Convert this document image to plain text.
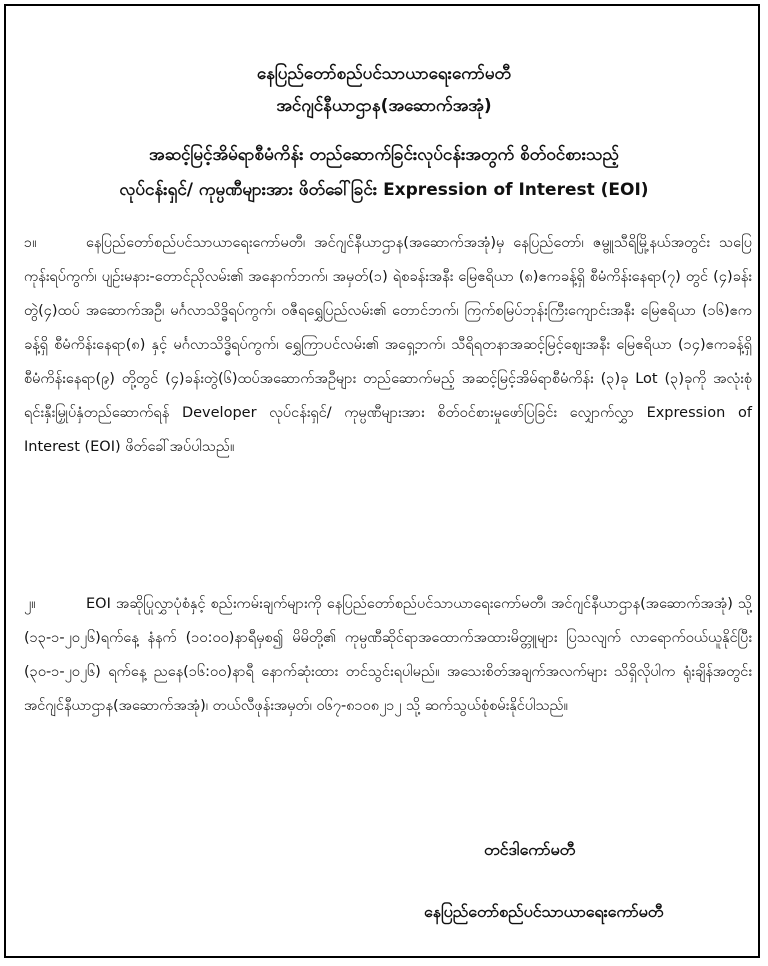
နေပြည်တော်စည်ပင်သာယာရေးကော်မတီ
အင်ဂျင်နီယာဌာန(အဆောက်အအုံ)
အဆင့်မြင့်အိမ်ရာစီမံကိန်း တည်ဆောက်ခြင်းလုပ်ငန်းအတွက် စိတ်ဝင်စားသည့်
လုပ်ငန်းရှင်/ ကုမ္ပဏီများအား ဖိတ်ခေါ်ခြင်း Expression of Interest (EOI)
၁။	နေပြည်တော်စည်ပင်သာယာရေးကော်မတီ၊ အင်ဂျင်နီယာဌာန(အဆောက်အအုံ)မှ နေပြည်တော်၊ ဇမ္ဗူသီရိမြို့နယ်အတွင်း သပြေကုန်းရပ်ကွက်၊ ပျဉ်းမနား-တောင်ညိုလမ်း၏ အနောက်ဘက်၊ အမှတ်(၁) ရဲစခန်းအနီး မြေဧရိယာ (၈)ဧကခန့်ရှိ စီမံကိန်းနေရာ(၇) တွင် (၄)ခန်းတွဲ(၄)ထပ် အဆောက်အဦ၊ မင်္ဂလာသိဒ္ဓိရပ်ကွက်၊ ဝဇီရရွှေပြည်လမ်း၏ တောင်ဘက်၊ ကြက်စမြပ်ဘုန်းကြီးကျောင်းအနီး မြေဧရိယာ (၁၆)ဧကခန့်ရှိ စီမံကိန်းနေရာ(၈) နှင့် မင်္ဂလာသိဒ္ဓိရပ်ကွက်၊ ရွှေကြာပင်လမ်း၏ အရှေ့ဘက်၊ သီရိရတနာအဆင့်မြင့်ဈေးအနီး မြေဧရိယာ (၁၄)ဧကခန့်ရှိ စီမံကိန်းနေရာ(၉) တို့တွင် (၄)ခန်းတွဲ(၆)ထပ်အဆောက်အဦများ တည်ဆောက်မည့် အဆင့်မြင့်အိမ်ရာစီမံကိန်း (၃)ခု Lot (၃)ခုကို အလုံးစုံရင်းနှီးမြှုပ်နှံတည်ဆောက်ရန် Developer လုပ်ငန်းရှင်/ ကုမ္ပဏီများအား စိတ်ဝင်စားမှုဖော်ပြခြင်း လျှောက်လွှာ Expression of Interest (EOI) ဖိတ်ခေါ်အပ်ပါသည်။
၂။	EOI အဆိုပြုလွှာပုံစံနှင့် စည်းကမ်းချက်များကို နေပြည်တော်စည်ပင်သာယာရေးကော်မတီ၊ အင်ဂျင်နီယာဌာန(အဆောက်အအုံ) သို့ (၁၃-၁-၂၀၂၆)ရက်နေ့ နံနက် (၁၀:၀၀)နာရီမှစ၍ မိမိတို့၏ ကုမ္ပဏီဆိုင်ရာအထောက်အထားမိတ္တူများ ပြသလျက် လာရောက်ဝယ်ယူနိုင်ပြီး (၃၀-၁-၂၀၂၆) ရက်နေ့ ညနေ(၁၆:၀၀)နာရီ နောက်ဆုံးထား တင်သွင်းရပါမည်။ အသေးစိတ်အချက်အလက်များ သိရှိလိုပါက ရုံးချိန်အတွင်း အင်ဂျင်နီယာဌာန(အဆောက်အအုံ)၊ တယ်လီဖုန်းအမှတ်၊ ၀၆၇-၈၁၀၈၂၁၂ သို့ ဆက်သွယ်စုံစမ်းနိုင်ပါသည်။
တင်ဒါကော်မတီ
နေပြည်တော်စည်ပင်သာယာရေးကော်မတီ
